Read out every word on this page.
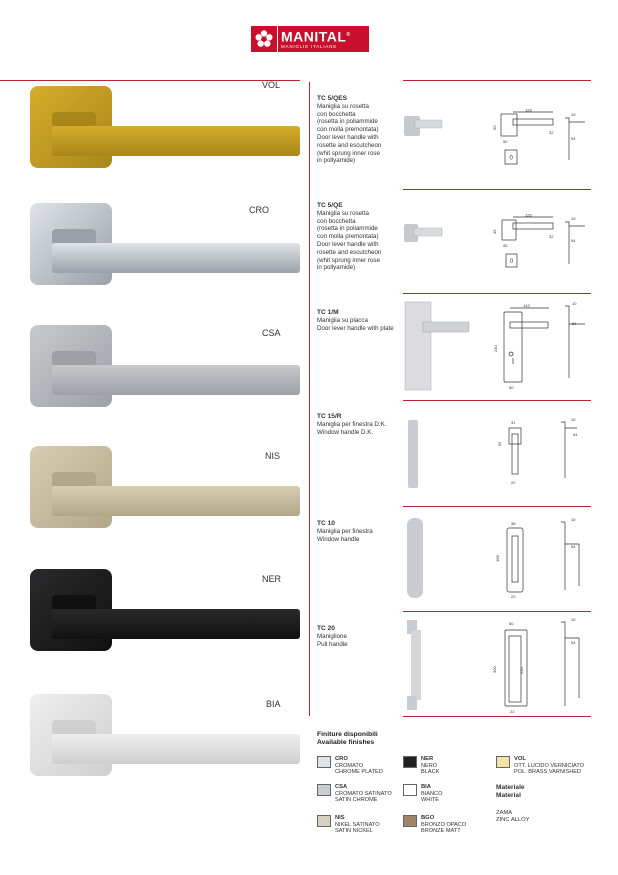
MANITAL®
MANIGLIE ITALIANE
TC 5/QES
Maniglia su rosetta
con bocchetta
(rosetta in poliammide
con molla premontata)
Door lever handle with
rosette and escutcheon
(whit sprung inner rose
in pollyamide)
TC 5/QE
Maniglia su rosetta
con bocchetta
(rosetta in poliammide
con molla premontata)
Door lever handle with
rosette and escutcheon
(whit sprung inner rose
in pollyamide)
TC 1/M
Maniglia su placca
Door lever handle with plate
TC 15/R
Maniglia per finestra D.K.
Window handle D.K.
TC 10
Maniglia per finestra
Window handle
TC 20
Maniglione
Pull handle
126
50
50
32
54
10
0
126
45
45
32
54
10
0
142
240
50
54
10
31
65
22
54
10
38
168
22
54
10
50
300	250
22
54
10
Finiture disponibili
Available finishes
CRO
CROMATO
CHROME PLATED
NER
NERO
BLACK
VOL
OTT. LUCIDO VERNICIATO
POL. BRASS VARNISHED
CSA
CROMATO SATINATO
SATIN CHROME
BIA
BIANCO
WHITE
NIS
NIKEL SATINATO
SATIN NICKEL
BGO
BRONZO OPACO
BRONZE MATT
Materiale
Material
ZAMA
ZINC ALLOY
VOL
CRO
CSA
NIS
NER
BIA
